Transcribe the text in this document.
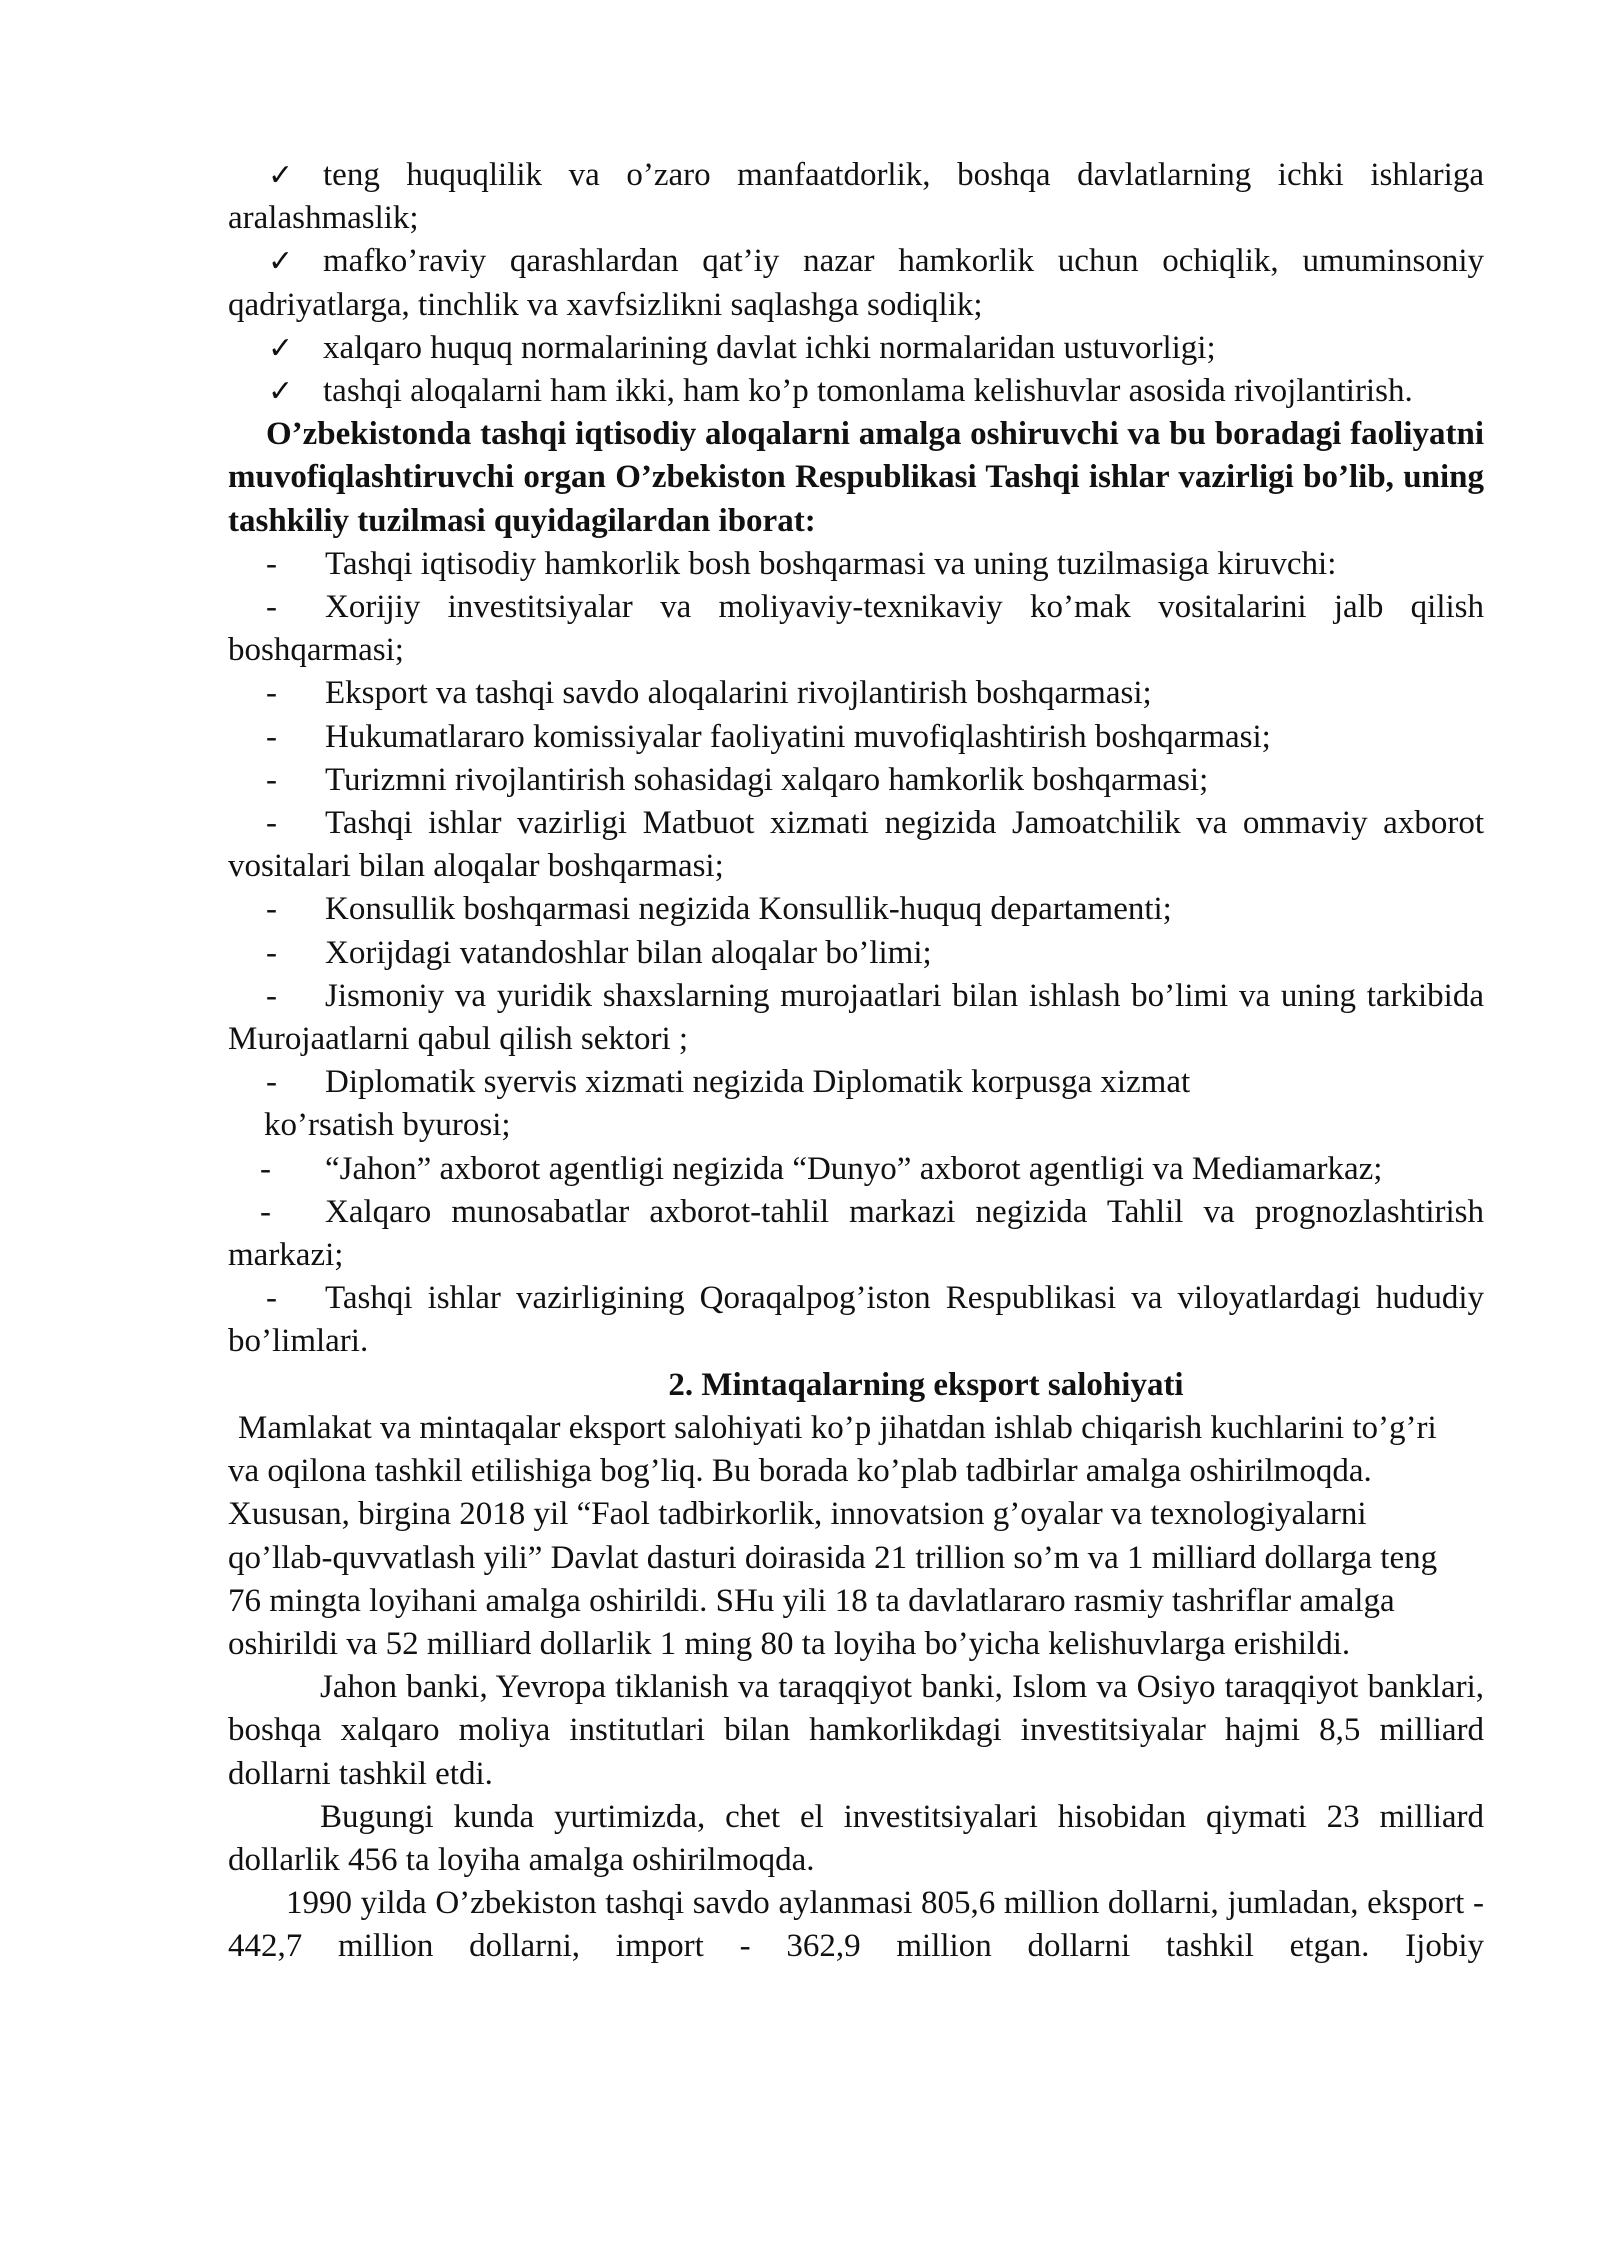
✓ teng huquqlilik va o’zaro manfaatdorlik, boshqa davlatlarning ichki ishlariga aralashmaslik;
✓ mafko’raviy qarashlardan qat’iy nazar hamkorlik uchun ochiqlik, umuminsoniy qadriyatlarga, tinchlik va xavfsizlikni saqlashga sodiqlik;
✓ xalqaro huquq normalarining davlat ichki normalaridan ustuvorligi;
✓ tashqi aloqalarni ham ikki, ham ko’p tomonlama kelishuvlar asosida rivojlantirish.
O’zbekistonda tashqi iqtisodiy aloqalarni amalga oshiruvchi va bu boradagi faoliyatni muvofiqlashtiruvchi organ O’zbekiston Respublikasi Tashqi ishlar vazirligi bo’lib, uning tashkiliy tuzilmasi quyidagilardan iborat:
- Tashqi iqtisodiy hamkorlik bosh boshqarmasi va uning tuzilmasiga kiruvchi:
- Xorijiy investitsiyalar va moliyaviy-texnikaviy ko’mak vositalarini jalb qilish boshqarmasi;
- Eksport va tashqi savdo aloqalarini rivojlantirish boshqarmasi;
- Hukumatlararo komissiyalar faoliyatini muvofiqlashtirish boshqarmasi;
- Turizmni rivojlantirish sohasidagi xalqaro hamkorlik boshqarmasi;
- Tashqi ishlar vazirligi Matbuot xizmati negizida Jamoatchilik va ommaviy axborot vositalari bilan aloqalar boshqarmasi;
- Konsullik boshqarmasi negizida Konsullik-huquq departamenti;
- Xorijdagi vatandoshlar bilan aloqalar bo’limi;
- Jismoniy va yuridik shaxslarning murojaatlari bilan ishlash bo’limi va uning tarkibida Murojaatlarni qabul qilish sektori ;
- Diplomatik syervis xizmati negizida Diplomatik korpusga xizmat
ko’rsatish byurosi;
- “Jahon” axborot agentligi negizida “Dunyo” axborot agentligi va Mediamarkaz;
- Xalqaro munosabatlar axborot-tahlil markazi negizida Tahlil va prognozlashtirish markazi;
- Tashqi ishlar vazirligining Qoraqalpog’iston Respublikasi va viloyatlardagi hududiy bo’limlari.
2. Mintaqalarning eksport salohiyati
Mamlakat va mintaqalar eksport salohiyati ko’p jihatdan ishlab chiqarish kuchlarini to’g’ri va oqilona tashkil etilishiga bog’liq. Bu borada ko’plab tadbirlar amalga oshirilmoqda. Xususan, birgina 2018 yil “Faol tadbirkorlik, innovatsion g’oyalar va texnologiyalarni qo’llab-quvvatlash yili” Davlat dasturi doirasida 21 trillion so’m va 1 milliard dollarga teng 76 mingta loyihani amalga oshirildi. SHu yili 18 ta davlatlararo rasmiy tashriflar amalga oshirildi va 52 milliard dollarlik 1 ming 80 ta loyiha bo’yicha kelishuvlarga erishildi.
Jahon banki, Yevropa tiklanish va taraqqiyot banki, Islom va Osiyo taraqqiyot banklari, boshqa xalqaro moliya institutlari bilan hamkorlikdagi investitsiyalar hajmi 8,5 milliard dollarni tashkil etdi.
Bugungi kunda yurtimizda, chet el investitsiyalari hisobidan qiymati 23 milliard dollarlik 456 ta loyiha amalga oshirilmoqda.
1990 yilda O’zbekiston tashqi savdo aylanmasi 805,6 million dollarni, jumladan, eksport - 442,7 million dollarni, import - 362,9 million dollarni tashkil etgan. Ijobiy
